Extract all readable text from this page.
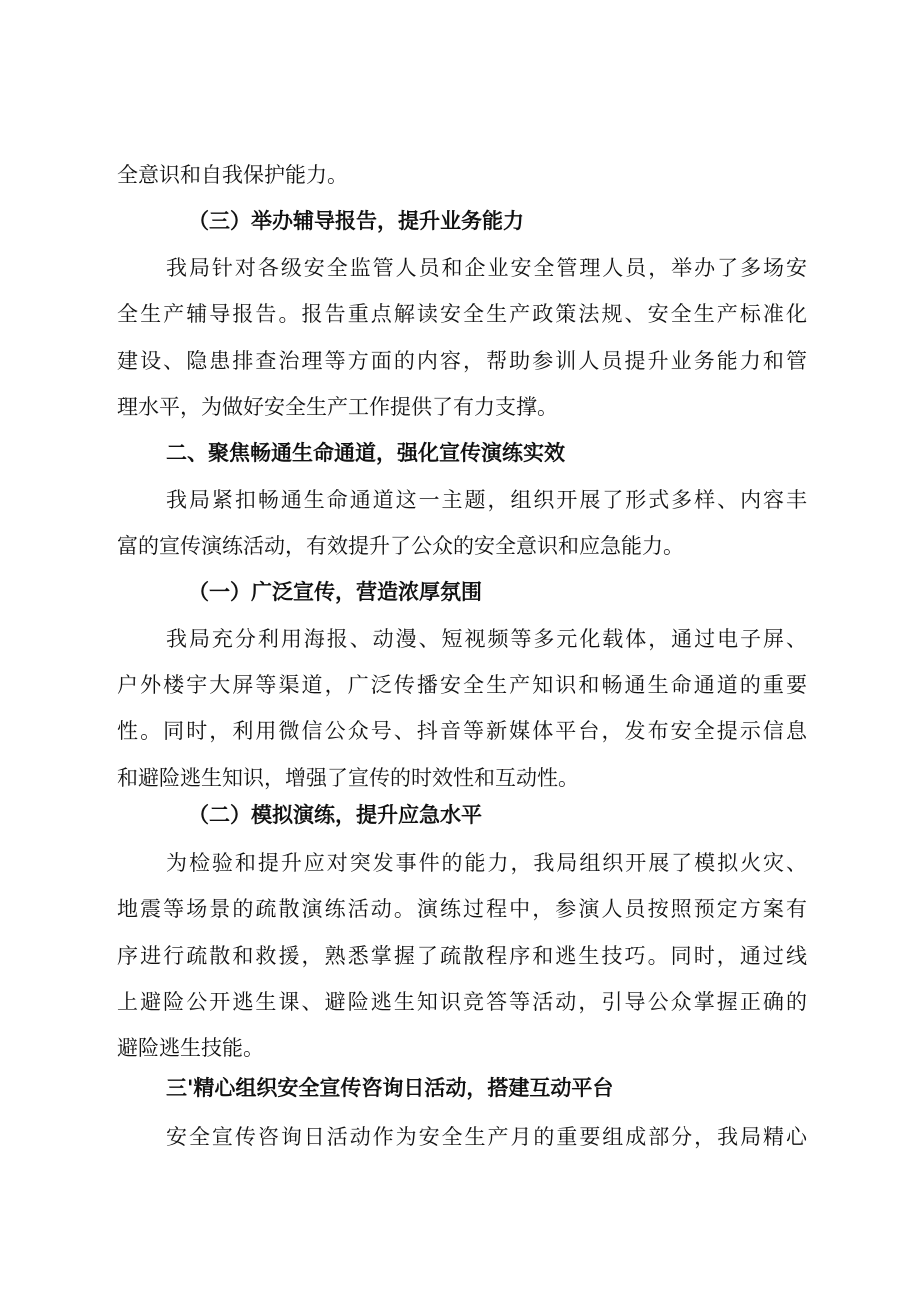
全意识和自我保护能力。

（三）举办辅导报告，提升业务能力

我局针对各级安全监管人员和企业安全管理人员，举办了多场安

全生产辅导报告。报告重点解读安全生产政策法规、安全生产标准化

建设、隐患排查治理等方面的内容，帮助参训人员提升业务能力和管

理水平，为做好安全生产工作提供了有力支撑。

二、聚焦畅通生命通道，强化宣传演练实效

我局紧扣畅通生命通道这一主题，组织开展了形式多样、内容丰

富的宣传演练活动，有效提升了公众的安全意识和应急能力。

（一）广泛宣传，营造浓厚氛围

我局充分利用海报、动漫、短视频等多元化载体，通过电子屏、

户外楼宇大屏等渠道，广泛传播安全生产知识和畅通生命通道的重要

性。同时，利用微信公众号、抖音等新媒体平台，发布安全提示信息

和避险逃生知识，增强了宣传的时效性和互动性。

（二）模拟演练，提升应急水平

为检验和提升应对突发事件的能力，我局组织开展了模拟火灾、

地震等场景的疏散演练活动。演练过程中，参演人员按照预定方案有

序进行疏散和救援，熟悉掌握了疏散程序和逃生技巧。同时，通过线

上避险公开逃生课、避险逃生知识竞答等活动，引导公众掌握正确的

避险逃生技能。

三'精心组织安全宣传咨询日活动，搭建互动平台

安全宣传咨询日活动作为安全生产月的重要组成部分，我局精心
